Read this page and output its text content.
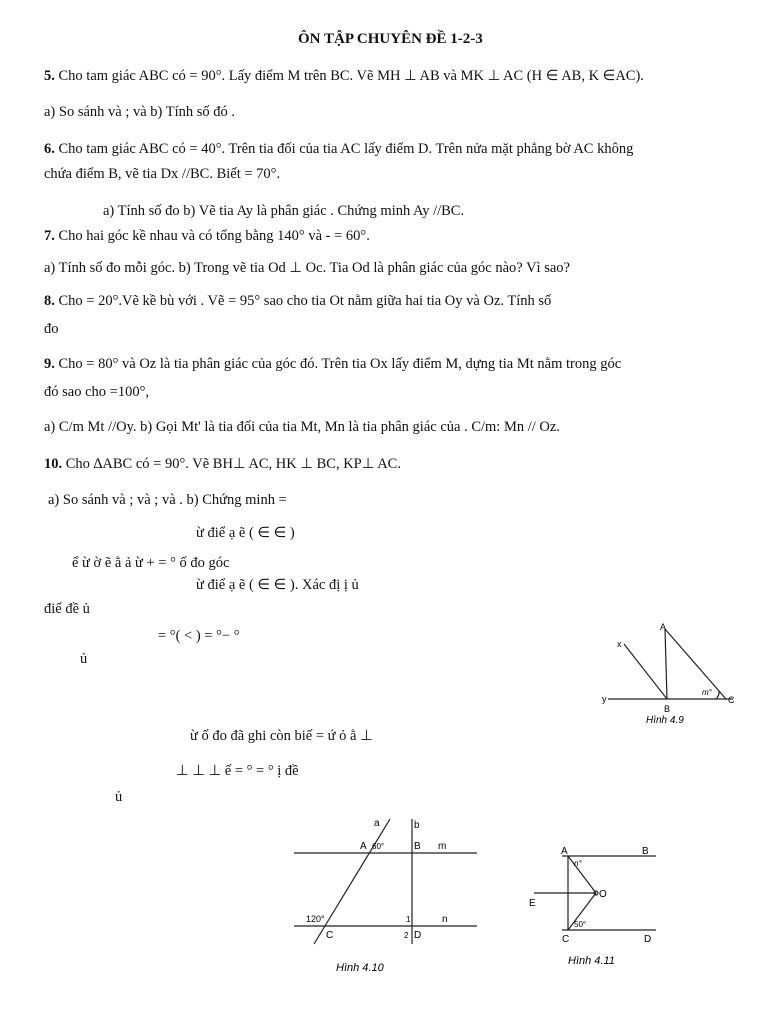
ÔN TẬP CHUYÊN ĐỀ 1-2-3
5. Cho tam giác ABC có = 90°. Lấy điểm M trên BC. Vẽ MH ⊥ AB và MK ⊥ AC (H ∈ AB, K ∈AC).
a) So sánh và ; và b) Tính số đó .
6. Cho tam giác ABC có = 40°. Trên tia đối của tia AC lấy điểm D. Trên nửa mặt phẳng bờ AC không
chứa điểm B, vẽ tia Dx //BC. Biết = 70°.
a) Tính số đo b) Vẽ tia Ay là phân giác . Chứng minh Ay //BC.
7. Cho hai góc kề nhau và có tổng bằng 140° và - = 60°.
a) Tính số đo mỗi góc. b) Trong vẽ tia Od ⊥ Oc. Tia Od là phân giác của góc nào? Vì sao?
8. Cho = 20°.Vẽ kề bù với . Vẽ = 95° sao cho tia Ot nằm giữa hai tia Oy và Oz. Tính số
đo
9. Cho = 80° và Oz là tia phân giác của góc đó. Trên tia Ox lấy điểm M, dựng tia Mt nằm trong góc
đó sao cho =100°,
a) C/m Mt //Oy. b) Gọi Mt' là tia đối của tia Mt, Mn là tia phân giác của . C/m: Mn // Oz.
10. Cho ∆ABC có = 90°. Vẽ BH⊥ AC, HK ⊥ BC, KP⊥ AC.
a) So sánh và ; và ; và . b) Chứng minh =
ừ điể ạ ẽ ( ∈ ∈ )
ể ừ ờ ẽ ằ ả ừ + = ° ố đo góc
ừ điể ạ ẽ ( ∈ ∈ ). Xác đị ị ủ
điể đề ủ
= °( < ) = °− °
ủ
ừ ố đo đã ghi còn biế = ứ ỏ ằ ⊥
⊥ ⊥ ⊥ ế = ° = ° ị đề
ủ
A
x
y
B
m°
C
Hình 4.9
a	b
A 60°	B m
120°
C
1
2 D
n
Hình 4.10
A	B
n°
O
E
50°
C	D
Hình 4.11
